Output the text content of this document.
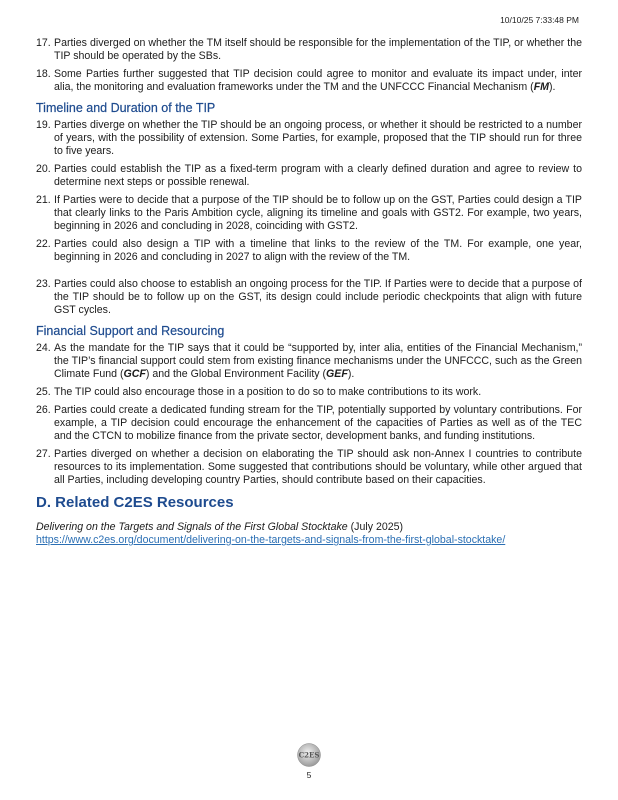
10/10/25 7:33:48 PM
17. Parties diverged on whether the TM itself should be responsible for the implementation of the TIP, or whether the TIP should be operated by the SBs.
18. Some Parties further suggested that TIP decision could agree to monitor and evaluate its impact under, inter alia, the monitoring and evaluation frameworks under the TM and the UNFCCC Financial Mechanism (FM).
Timeline and Duration of the TIP
19. Parties diverge on whether the TIP should be an ongoing process, or whether it should be restricted to a number of years, with the possibility of extension. Some Parties, for example, proposed that the TIP should run for three to five years.
20. Parties could establish the TIP as a fixed-term program with a clearly defined duration and agree to review to determine next steps or possible renewal.
21. If Parties were to decide that a purpose of the TIP should be to follow up on the GST, Parties could design a TIP that clearly links to the Paris Ambition cycle, aligning its timeline and goals with GST2. For example, two years, beginning in 2026 and concluding in 2028, coinciding with GST2.
22. Parties could also design a TIP with a timeline that links to the review of the TM. For example, one year, beginning in 2026 and concluding in 2027 to align with the review of the TM.
23. Parties could also choose to establish an ongoing process for the TIP. If Parties were to decide that a purpose of the TIP should be to follow up on the GST, its design could include periodic checkpoints that align with future GST cycles.
Financial Support and Resourcing
24. As the mandate for the TIP says that it could be “supported by, inter alia, entities of the Financial Mechanism,” the TIP’s financial support could stem from existing finance mechanisms under the UNFCCC, such as the Green Climate Fund (GCF) and the Global Environment Facility (GEF).
25. The TIP could also encourage those in a position to do so to make contributions to its work.
26. Parties could create a dedicated funding stream for the TIP, potentially supported by voluntary contributions. For example, a TIP decision could encourage the enhancement of the capacities of Parties as well as of the TEC and the CTCN to mobilize finance from the private sector, development banks, and funding institutions.
27. Parties diverged on whether a decision on elaborating the TIP should ask non-Annex I countries to contribute resources to its implementation. Some suggested that contributions should be voluntary, while other argued that all Parties, including developing country Parties, should contribute based on their capacities.
D. Related C2ES Resources
Delivering on the Targets and Signals of the First Global Stocktake (July 2025)
https://www.c2es.org/document/delivering-on-the-targets-and-signals-from-the-first-global-stocktake/
C2ES
5
